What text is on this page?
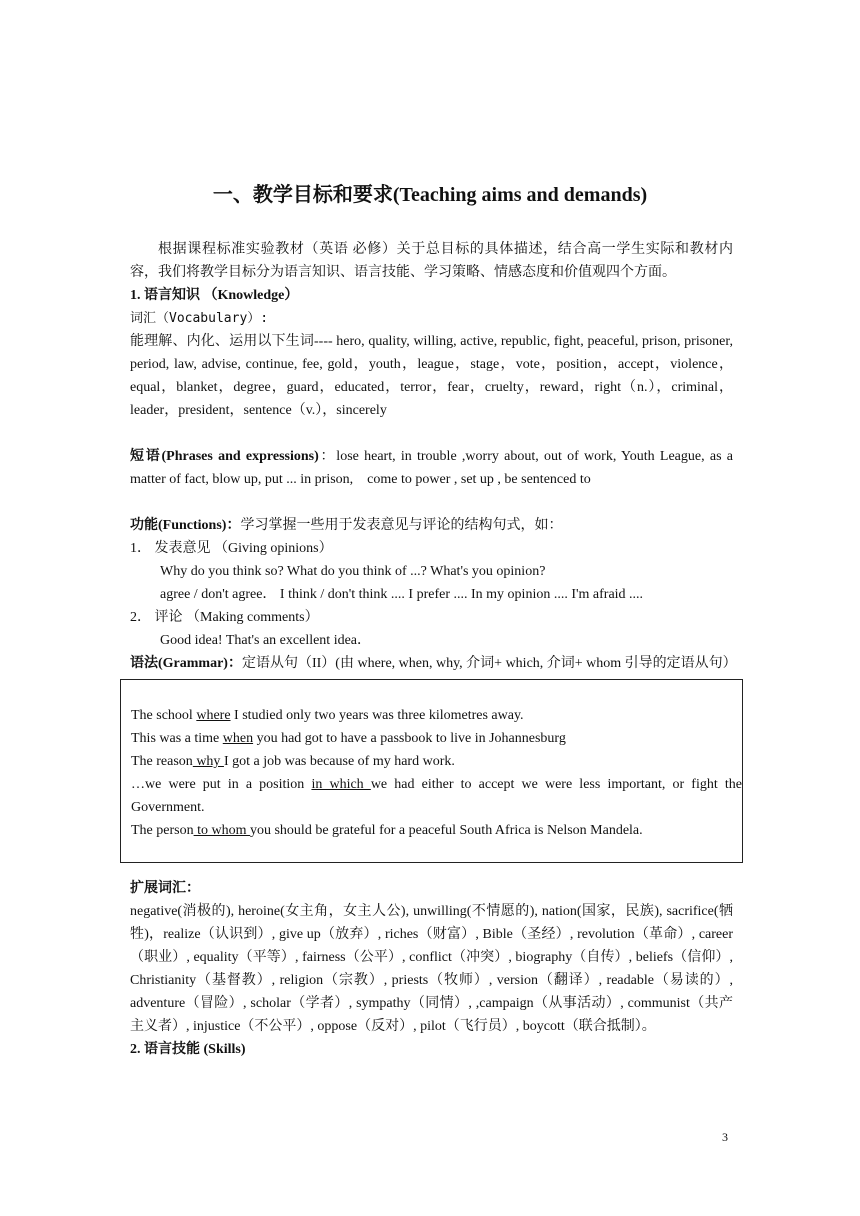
一、教学目标和要求(Teaching aims and demands)

根据课程标准实验教材（英语 必修）关于总目标的具体描述，结合高一学生实际和教材内容，我们将教学目标分为语言知识、语言技能、学习策略、情感态度和价值观四个方面。

1. 语言知识 （Knowledge）

词汇（Vocabulary）:

能理解、内化、运用以下生词---- hero, quality, willing, active, republic, fight, peaceful, prison, prisoner, period, law, advise, continue, fee, gold，youth，league，stage，vote，position，accept，violence，equal，blanket，degree，guard，educated，terror，fear，cruelty，reward，right（n.），criminal，leader，president，sentence（v.），sincerely

短语(Phrases and expressions)：lose heart, in trouble ,worry about, out of work, Youth League, as a matter of fact, blow up, put ... in prison,　come to power , set up , be sentenced to

功能(Functions)：学习掌握一些用于发表意见与评论的结构句式，如：

1． 发表意见 （Giving opinions）

Why do you think so? What do you think of ...? What's you opinion?

agree / don't agree． I think / don't think .... I prefer .... In my opinion .... I'm afraid ....

2． 评论 （Making comments）

Good idea! That's an excellent idea．

语法(Grammar)： 定语从句（II）(由 where, when, why, 介词+ which, 介词+ whom 引导的定语从句）

The school where I studied only two years was three kilometres away.

This was a time when you had got to have a passbook to live in Johannesburg

The reason why I got a job was because of my hard work.

…we were put in a position in which we had either to accept we were less important, or fight the Government.

The person to whom you should be grateful for a peaceful South Africa is Nelson Mandela.

扩展词汇：

negative(消极的), heroine(女主角，女主人公), unwilling(不情愿的), nation(国家，民族), sacrifice(牺牲)，realize（认识到）, give up（放弃）, riches（财富）, Bible（圣经）, revolution（革命）, career（职业）, equality（平等）, fairness（公平）, conflict（冲突）, biography（自传）, beliefs（信仰）, Christianity（基督教）, religion（宗教）, priests（牧师）, version（翻译）, readable（易读的）, adventure（冒险）, scholar（学者）, sympathy（同情）, ,campaign（从事活动）, communist（共产主义者）, injustice（不公平）, oppose（反对）, pilot（飞行员）, boycott（联合抵制）。

2. 语言技能 (Skills)

3
